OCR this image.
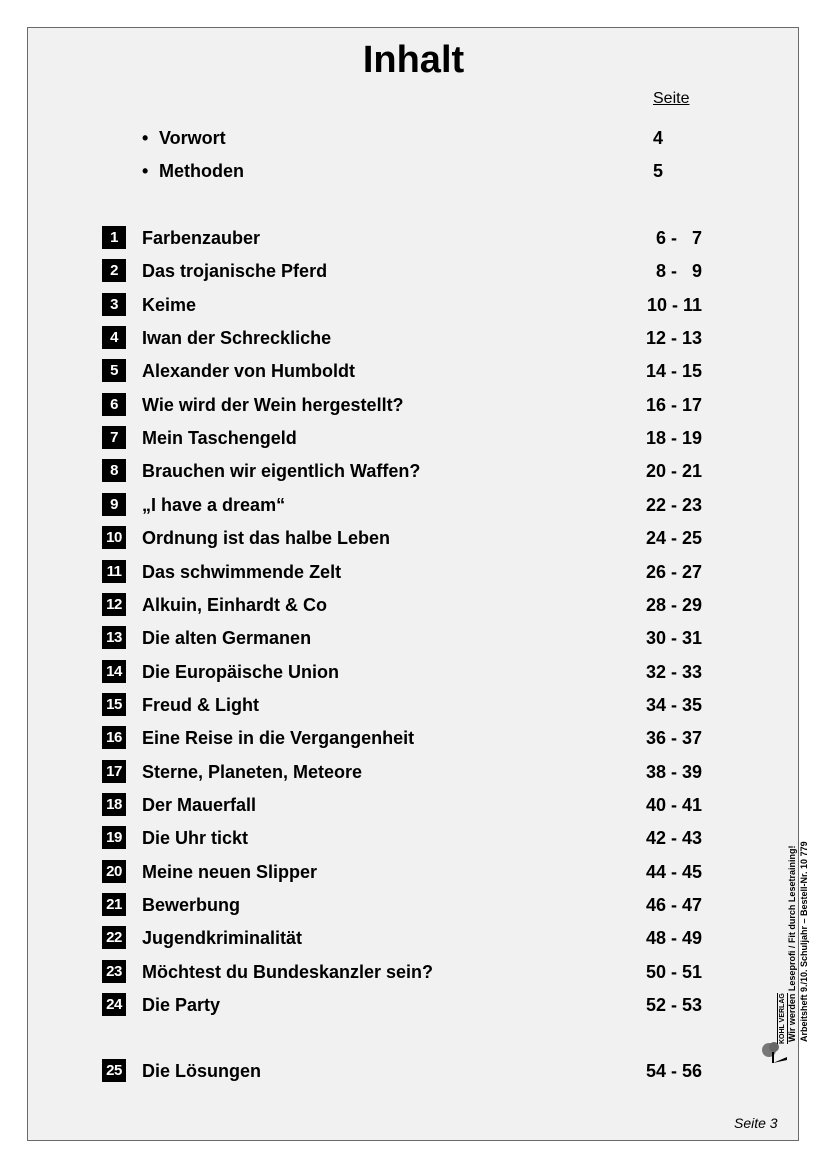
Inhalt
Seite
• Vorwort	4
• Methoden	5
1	Farbenzauber	6 -   7
2	Das trojanische Pferd	8 -   9
3	Keime	10 - 11
4	Iwan der Schreckliche	12 - 13
5	Alexander von Humboldt	14 - 15
6	Wie wird der Wein hergestellt?	16 - 17
7	Mein Taschengeld	18 - 19
8	Brauchen wir eigentlich Waffen?	20 - 21
9	„I have a dream“	22 - 23
10 Ordnung ist das halbe Leben	24 - 25
11 Das schwimmende Zelt	26 - 27
12 Alkuin, Einhardt & Co	28 - 29
13 Die alten Germanen	30 - 31
14 Die Europäische Union	32 - 33
15 Freud & Light	34 - 35
16 Eine Reise in die Vergangenheit	36 - 37
17 Sterne, Planeten, Meteore	38 - 39
18 Der Mauerfall	40 - 41
19 Die Uhr tickt	42 - 43
20 Meine neuen Slipper	44 - 45
21 Bewerbung	46 - 47
22 Jugendkriminalität	48 - 49
23 Möchtest du Bundeskanzler sein?	50 - 51
24 Die Party	52 - 53
25 Die Lösungen	54 - 56
Wir werden Leseprofi / Fit durch Lesetraining! Arbeitsheft 9./10. Schuljahr – Bestell-Nr. 10 779
KOHL VERLAG
Seite 3
